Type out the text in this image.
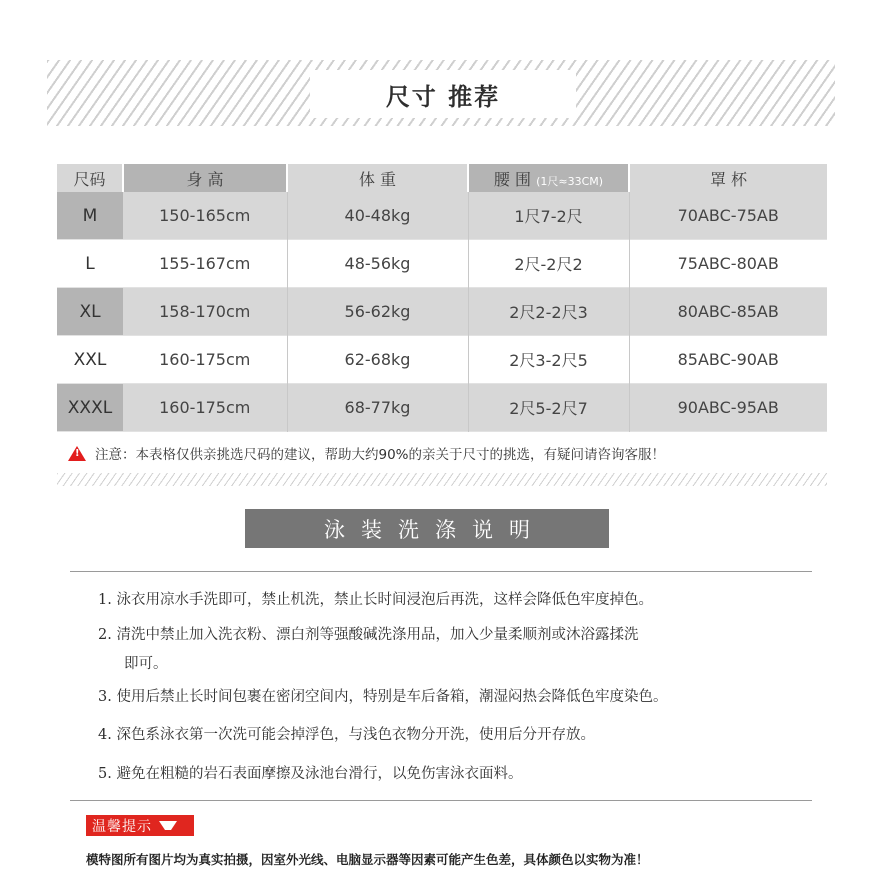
尺寸 推荐
尺码	身 高	体 重	腰 围 (1尺≈33CM)	罩 杯
M	150-165cm	40-48kg	1尺7-2尺	70ABC-75AB
L	155-167cm	48-56kg	2尺-2尺2	75ABC-80AB
XL	158-170cm	56-62kg	2尺2-2尺3	80ABC-85AB
XXL	160-175cm	62-68kg	2尺3-2尺5	85ABC-90AB
XXXL	160-175cm	68-77kg	2尺5-2尺7	90ABC-95AB
!
注意：本表格仅供亲挑选尺码的建议，帮助大约90%的亲关于尺寸的挑选，有疑问请咨询客服！
泳装洗涤说明
1. 泳衣用凉水手洗即可，禁止机洗，禁止长时间浸泡后再洗，这样会降低色牢度掉色。
2. 清洗中禁止加入洗衣粉、漂白剂等强酸碱洗涤用品，加入少量柔顺剂或沐浴露揉洗
即可。
3. 使用后禁止长时间包裹在密闭空间内，特别是车后备箱，潮湿闷热会降低色牢度染色。
4. 深色系泳衣第一次洗可能会掉浮色，与浅色衣物分开洗，使用后分开存放。
5. 避免在粗糙的岩石表面摩擦及泳池台滑行，以免伤害泳衣面料。
温馨提示
模特图所有图片均为真实拍摄，因室外光线、电脑显示器等因素可能产生色差，具体颜色以实物为准！
